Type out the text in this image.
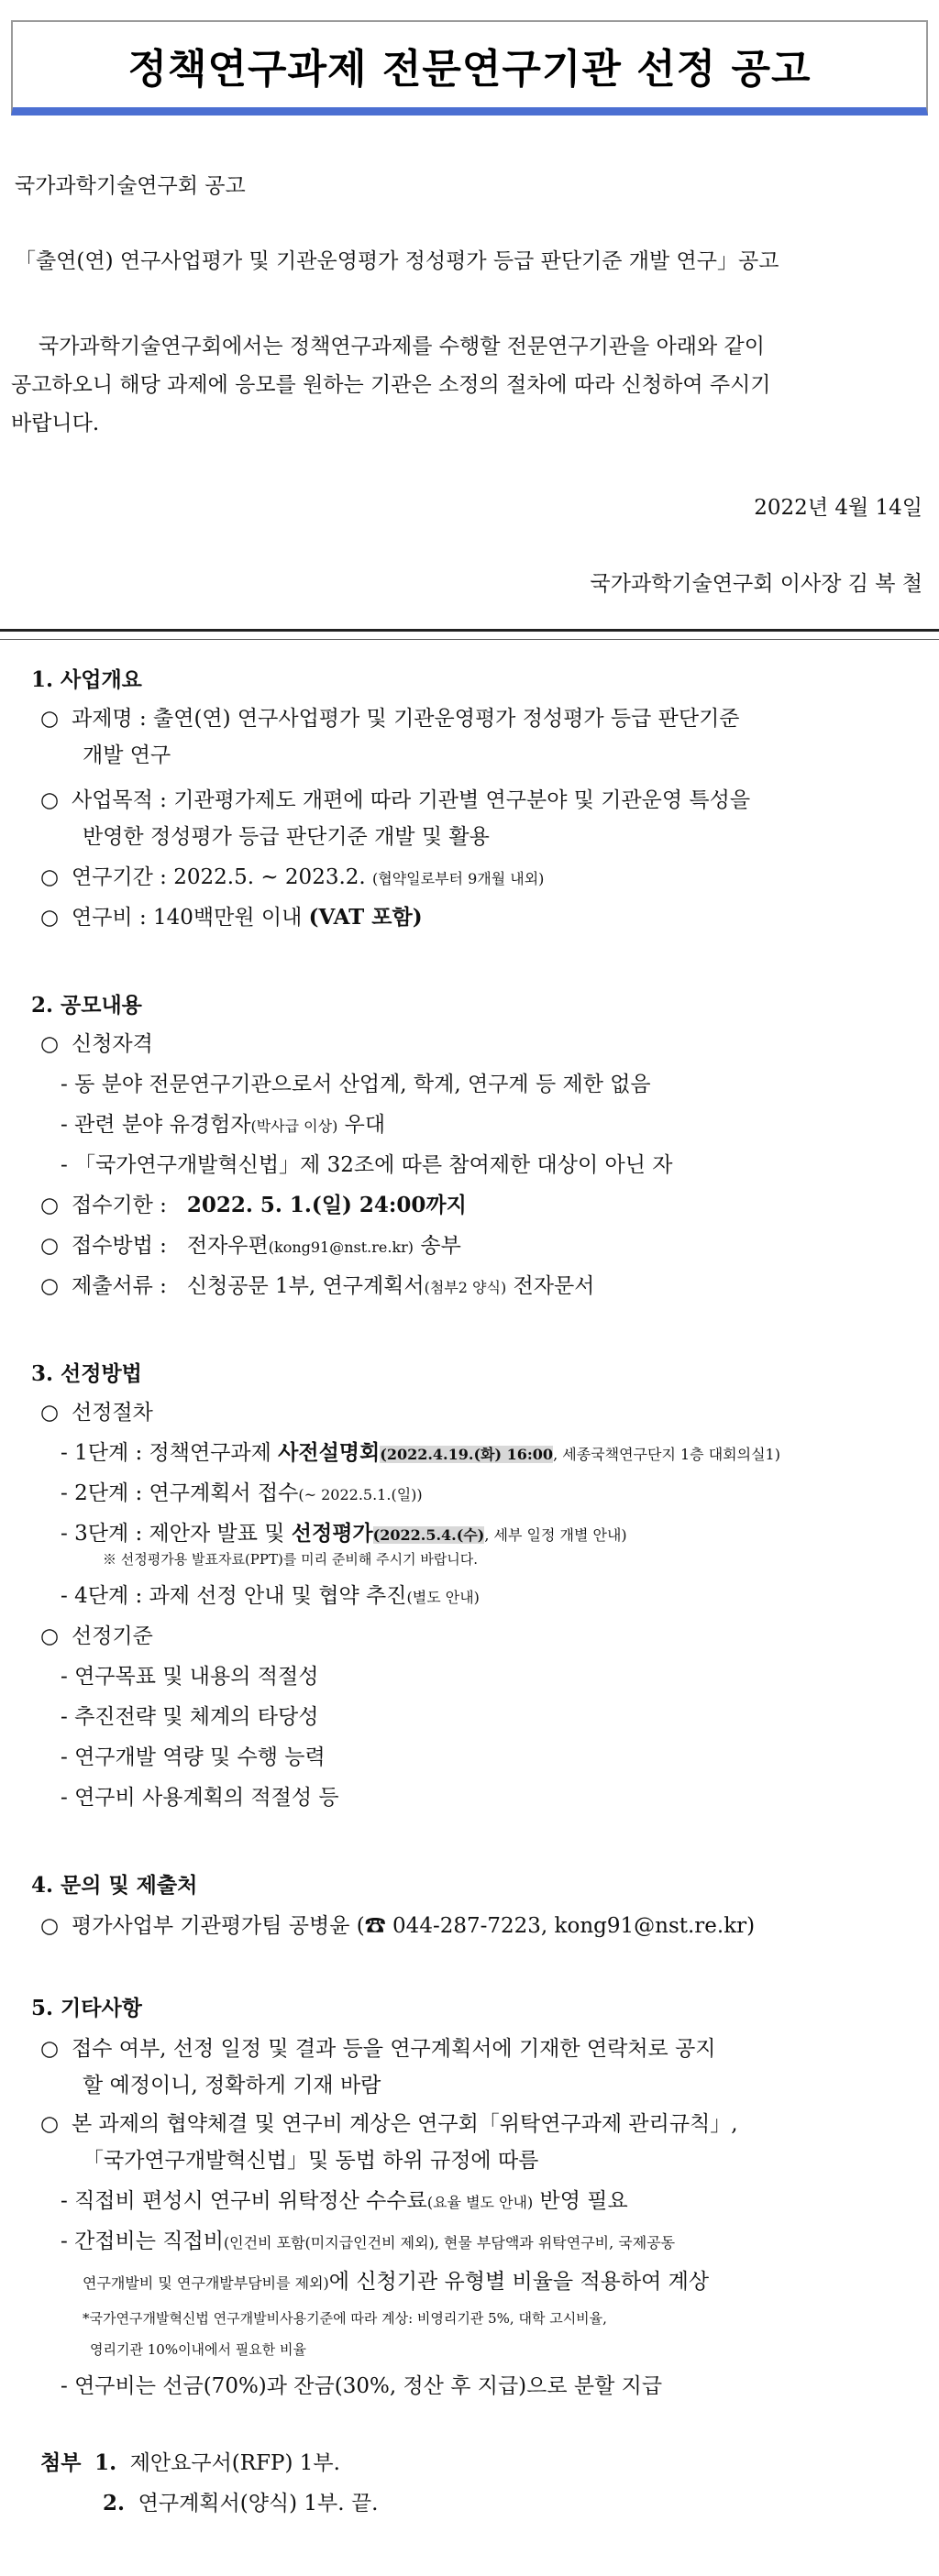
정책연구과제 전문연구기관 선정 공고
국가과학기술연구회 공고
「출연(연) 연구사업평가 및 기관운영평가 정성평가 등급 판단기준 개발 연구」공고
국가과학기술연구회에서는 정책연구과제를 수행할 전문연구기관을 아래와 같이
공고하오니 해당 과제에 응모를 원하는 기관은 소정의 절차에 따라 신청하여 주시기
바랍니다.
2022년 4월 14일
국가과학기술연구회 이사장 김 복 철
1. 사업개요
○ 과제명 : 출연(연) 연구사업평가 및 기관운영평가 정성평가 등급 판단기준
개발 연구
○ 사업목적 : 기관평가제도 개편에 따라 기관별 연구분야 및 기관운영 특성을
반영한 정성평가 등급 판단기준 개발 및 활용
○ 연구기간 : 2022.5. ~ 2023.2. (협약일로부터 9개월 내외)
○ 연구비 : 140백만원 이내 (VAT 포함)
2. 공모내용
○ 신청자격
- 동 분야 전문연구기관으로서 산업계, 학계, 연구계 등 제한 없음
- 관련 분야 유경험자(박사급 이상) 우대
- 「국가연구개발혁신법」제 32조에 따른 참여제한 대상이 아닌 자
○ 접수기한 : 2022. 5. 1.(일) 24:00까지
○ 접수방법 : 전자우편(kong91@nst.re.kr) 송부
○ 제출서류 : 신청공문 1부, 연구계획서(첨부2 양식) 전자문서
3. 선정방법
○ 선정절차
- 1단계 : 정책연구과제 사전설명회(2022.4.19.(화) 16:00, 세종국책연구단지 1층 대회의실1)
- 2단계 : 연구계획서 접수(~ 2022.5.1.(일))
- 3단계 : 제안자 발표 및 선정평가(2022.5.4.(수), 세부 일정 개별 안내)
※ 선정평가용 발표자료(PPT)를 미리 준비해 주시기 바랍니다.
- 4단계 : 과제 선정 안내 및 협약 추진(별도 안내)
○ 선정기준
- 연구목표 및 내용의 적절성
- 추진전략 및 체계의 타당성
- 연구개발 역량 및 수행 능력
- 연구비 사용계획의 적절성 등
4. 문의 및 제출처
○ 평가사업부 기관평가팀 공병윤 (☎ 044-287-7223, kong91@nst.re.kr)
5. 기타사항
○ 접수 여부, 선정 일정 및 결과 등을 연구계획서에 기재한 연락처로 공지
할 예정이니, 정확하게 기재 바람
○ 본 과제의 협약체결 및 연구비 계상은 연구회「위탁연구과제 관리규칙」,
「국가연구개발혁신법」및 동법 하위 규정에 따름
- 직접비 편성시 연구비 위탁정산 수수료(요율 별도 안내) 반영 필요
- 간접비는 직접비(인건비 포함(미지급인건비 제외), 현물 부담액과 위탁연구비, 국제공동
연구개발비 및 연구개발부담비를 제외)에 신청기관 유형별 비율을 적용하여 계상
*국가연구개발혁신법 연구개발비사용기준에 따라 계상: 비영리기관 5%, 대학 고시비율,
영리기관 10%이내에서 필요한 비율
- 연구비는 선금(70%)과 잔금(30%, 정산 후 지급)으로 분할 지급
첨부 1. 제안요구서(RFP) 1부.
2. 연구계획서(양식) 1부. 끝.
